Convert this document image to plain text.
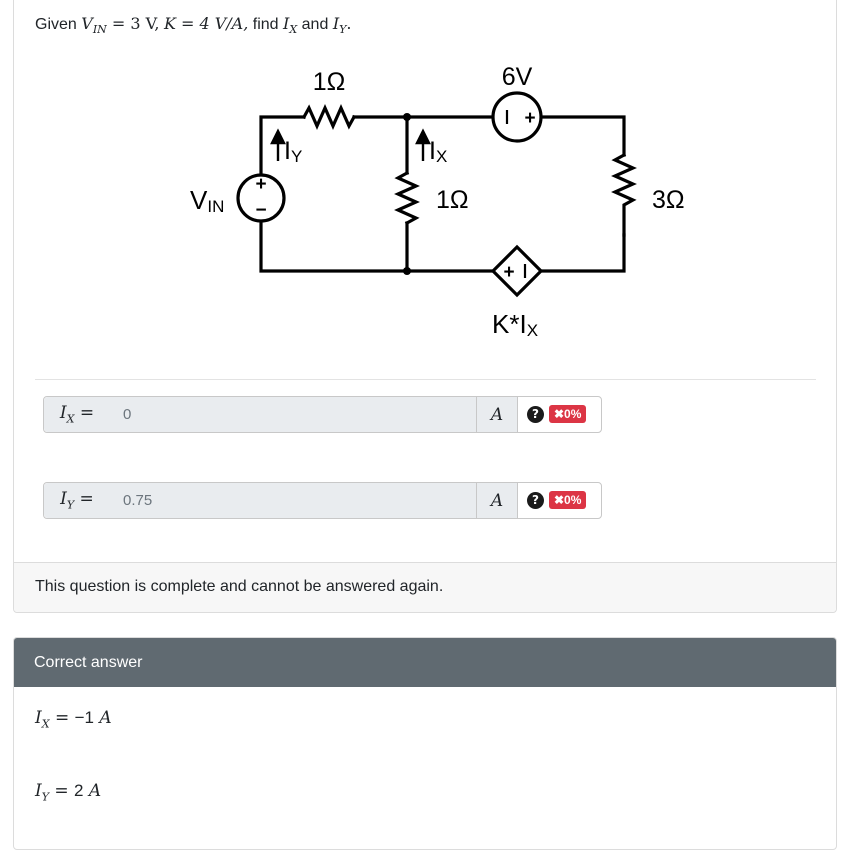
Given $V_{IN} = 3$ V, K = 4 V/A, find $I_X$ and $I_Y$.
+
−
+
+
1Ω	6V
1Ω	3Ω
VIN
IY	IX
K*IX
$I_X$ =	0	A	?	✖0%
$I_Y$ =	0.75	A	?	✖0%
This question is complete and cannot be answered again.
Correct answer
$I_X = -1$ A
$I_Y = 2$ A
